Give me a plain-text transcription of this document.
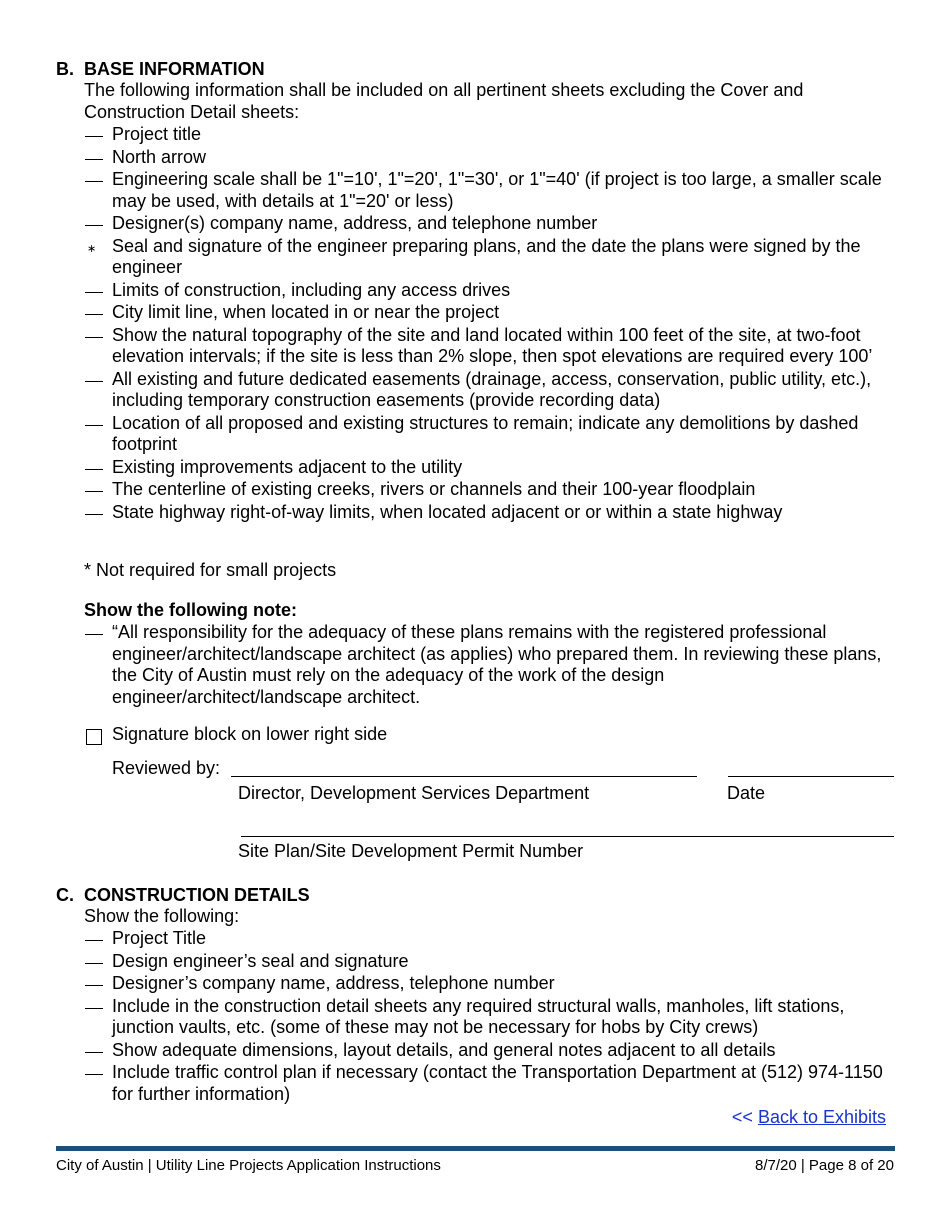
B. BASE INFORMATION
The following information shall be included on all pertinent sheets excluding the Cover and Construction Detail sheets:
Project title
North arrow
Engineering scale shall be 1"=10', 1"=20', 1"=30', or 1"=40' (if project is too large, a smaller scale may be used, with details at 1"=20' or less)
Designer(s) company name, address, and telephone number
∗ Seal and signature of the engineer preparing plans, and the date the plans were signed by the engineer
Limits of construction, including any access drives
City limit line, when located in or near the project
Show the natural topography of the site and land located within 100 feet of the site, at two-foot elevation intervals; if the site is less than 2% slope, then spot elevations are required every 100’
All existing and future dedicated easements (drainage, access, conservation, public utility, etc.), including temporary construction easements (provide recording data)
Location of all proposed and existing structures to remain; indicate any demolitions by dashed footprint
Existing improvements adjacent to the utility
The centerline of existing creeks, rivers or channels and their 100-year floodplain
State highway right-of-way limits, when located adjacent or or within a state highway
* Not required for small projects
Show the following note:
“All responsibility for the adequacy of these plans remains with the registered professional engineer/architect/landscape architect (as applies) who prepared them. In reviewing these plans, the City of Austin must rely on the adequacy of the work of the design engineer/architect/landscape architect.
Signature block on lower right side
Reviewed by:
Director, Development Services Department	Date
Site Plan/Site Development Permit Number
C. CONSTRUCTION DETAILS
Show the following:
Project Title
Design engineer’s seal and signature
Designer’s company name, address, telephone number
Include in the construction detail sheets any required structural walls, manholes, lift stations, junction vaults, etc. (some of these may not be necessary for hobs by City crews)
Show adequate dimensions, layout details, and general notes adjacent to all details
Include traffic control plan if necessary (contact the Transportation Department at (512) 974-1150 for further information)
<< Back to Exhibits
City of Austin | Utility Line Projects Application Instructions	8/7/20 | Page 8 of 20
